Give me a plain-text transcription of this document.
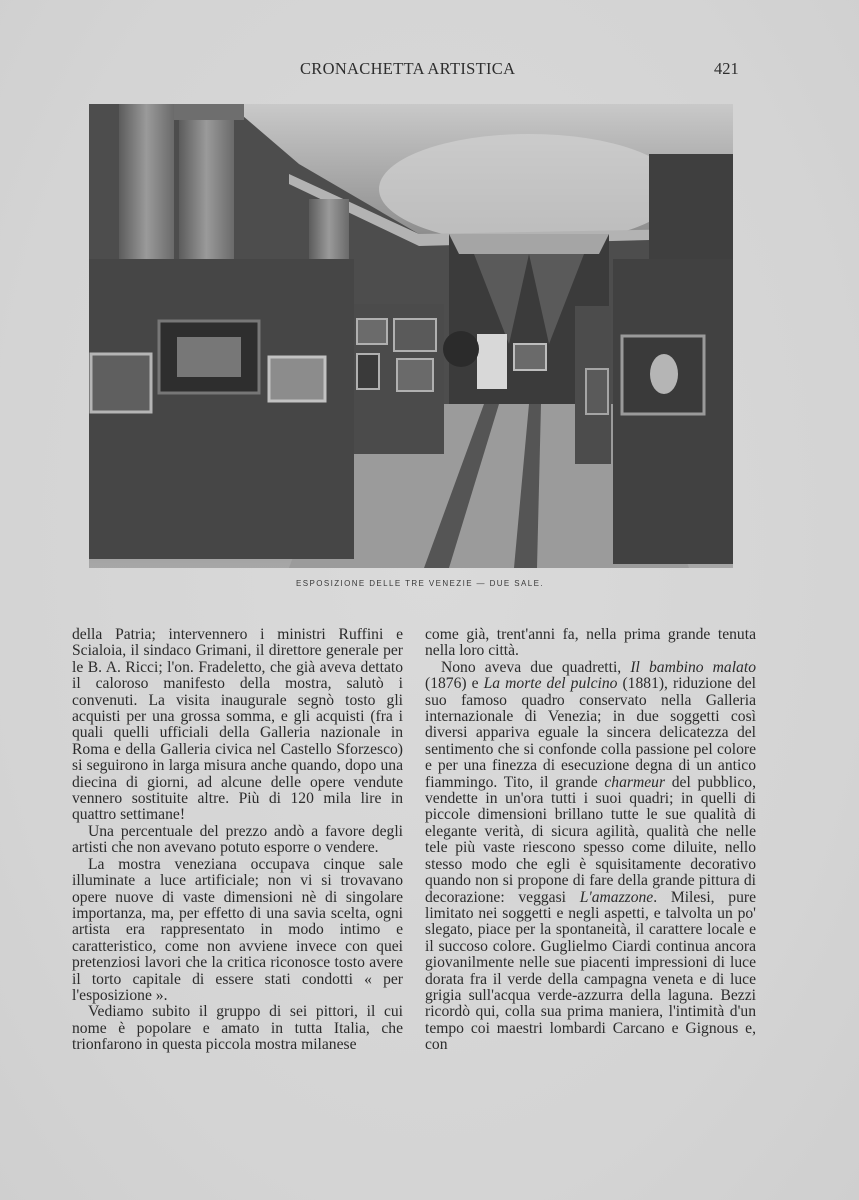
CRONACHETTA ARTISTICA	421
ESPOSIZIONE DELLE TRE VENEZIE — DUE SALE.

della Patria; intervennero i ministri Ruffini e Scialoia, il sindaco Grimani, il direttore generale per le B. A. Ricci; l'on. Fradeletto, che già aveva dettato il caloroso manifesto della mostra, salutò i convenuti. La visita inaugurale segnò tosto gli acquisti per una grossa somma, e gli acquisti (fra i quali quelli ufficiali della Galleria nazionale in Roma e della Galleria civica nel Castello Sforzesco) si seguirono in larga misura anche quando, dopo una diecina di giorni, ad alcune delle opere vendute vennero sostituite altre. Più di 120 mila lire in quattro settimane!

Una percentuale del prezzo andò a favore degli artisti che non avevano potuto esporre o vendere.

La mostra veneziana occupava cinque sale illuminate a luce artificiale; non vi si trovavano opere nuove di vaste dimensioni nè di singolare importanza, ma, per effetto di una savia scelta, ogni artista era rappresentato in modo intimo e caratteristico, come non avviene invece con quei pretenziosi lavori che la critica riconosce tosto avere il torto capitale di essere stati condotti « per l'esposizione ».

Vediamo subito il gruppo di sei pittori, il cui nome è popolare e amato in tutta Italia, che trionfarono in questa piccola mostra milanese

come già, trent'anni fa, nella prima grande tenuta nella loro città.

Nono aveva due quadretti, Il bambino malato (1876) e La morte del pulcino (1881), riduzione del suo famoso quadro conservato nella Galleria internazionale di Venezia; in due soggetti così diversi appariva eguale la sincera delicatezza del sentimento che si confonde colla passione pel colore e per una finezza di esecuzione degna di un antico fiammingo. Tito, il grande charmeur del pubblico, vendette in un'ora tutti i suoi quadri; in quelli di piccole dimensioni brillano tutte le sue qualità di elegante verità, di sicura agilità, qualità che nelle tele più vaste riescono spesso come diluite, nello stesso modo che egli è squisitamente decorativo quando non si propone di fare della grande pittura di decorazione: veggasi L'amazzone. Milesi, pure limitato nei soggetti e negli aspetti, e talvolta un po' slegato, piace per la spontaneità, il carattere locale e il succoso colore. Guglielmo Ciardi continua ancora giovanilmente nelle sue piacenti impressioni di luce dorata fra il verde della campagna veneta e di luce grigia sull'acqua verde-azzurra della laguna. Bezzi ricordò qui, colla sua prima maniera, l'intimità d'un tempo coi maestri lombardi Carcano e Gignous e, con
